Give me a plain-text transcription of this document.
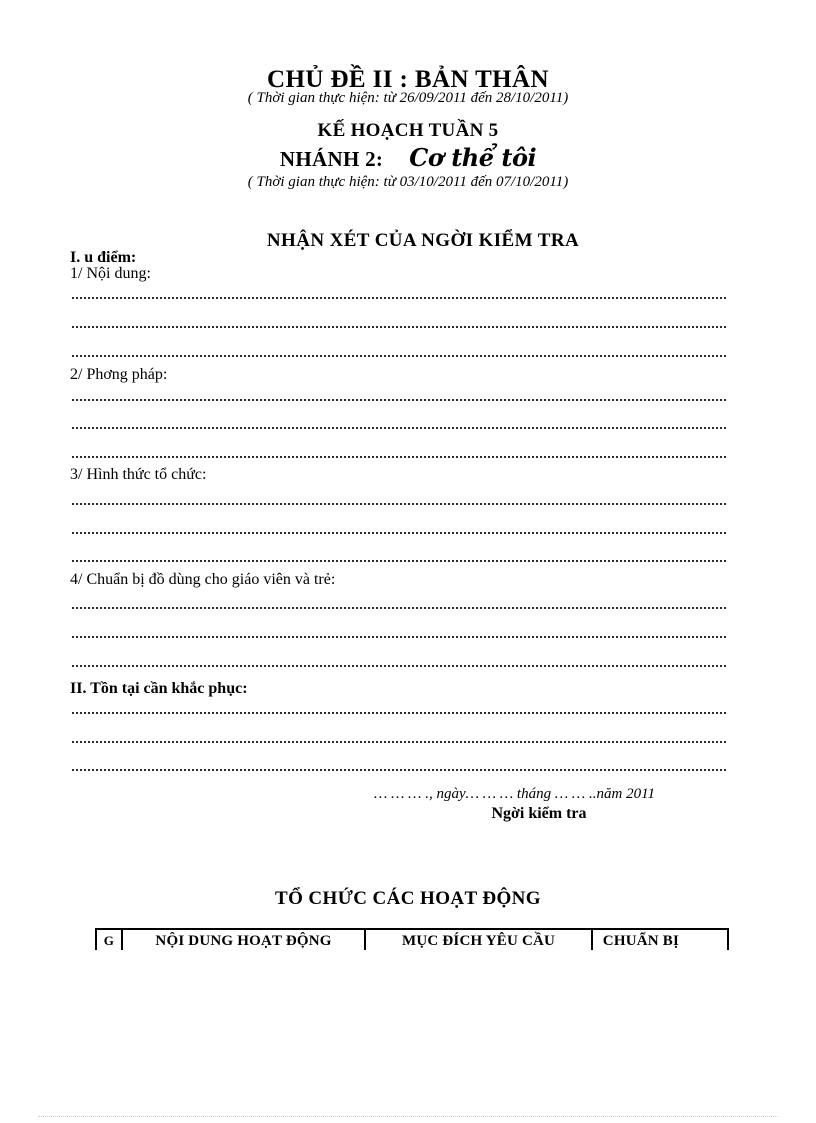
CHỦ ĐỀ II : BẢN THÂN
( Thời gian thực hiện: từ 26/09/2011 đến 28/10/2011)
KẾ HOẠCH TUẦN 5
NHÁNH 2: Cơ thể tôi
( Thời gian thực hiện: từ 03/10/2011 đến 07/10/2011)
NHẬN XÉT CỦA NGỜI KIỂM TRA
I. u điểm:
1/ Nội dung:
2/ Phơng pháp:
3/ Hình thức tổ chức:
4/ Chuẩn bị đồ dùng cho giáo viên và trẻ:
II. Tồn tại cần khắc phục:
… … … ., ngày… … … tháng … … ..năm 2011
Ngời kiểm tra
TỔ CHỨC CÁC HOẠT ĐỘNG
G	NỘI DUNG HOẠT ĐỘNG	MỤC ĐÍCH YÊU CẦU	CHUẨN BỊ
